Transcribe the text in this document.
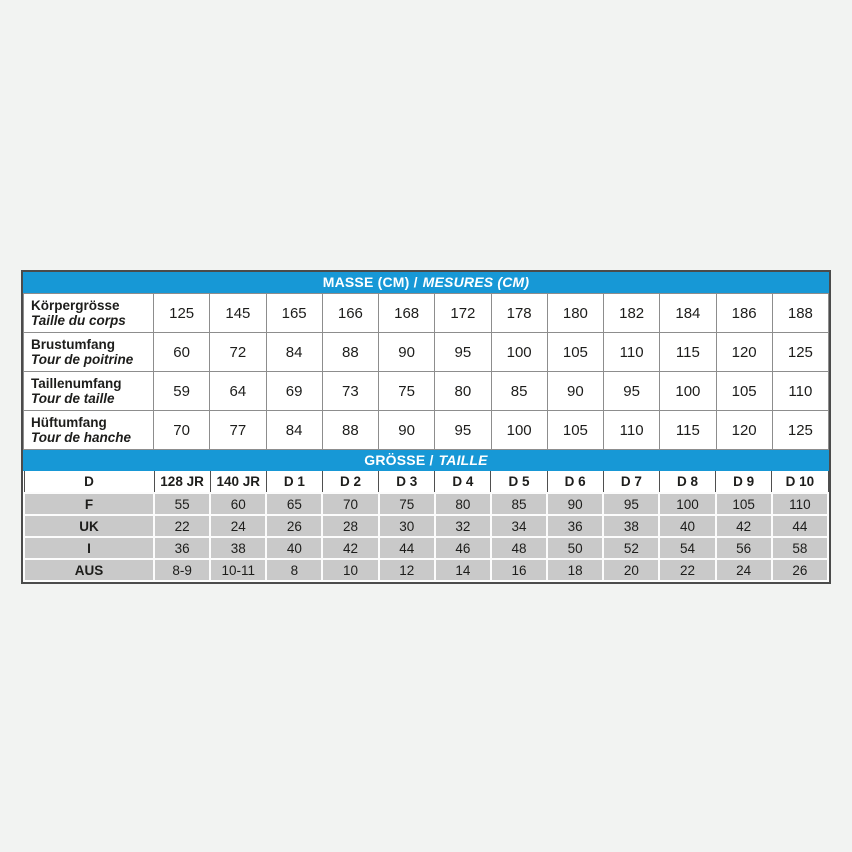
MASSE (CM) / MESURES (CM)
Körpergrösse
Taille du corps	125	145	165	166	168	172	178	180	182	184	186	188

Brustumfang
Tour de poitrine	60	72	84	88	90	95	100	105	110	115	120	125

Taillenumfang
Tour de taille	59	64	69	73	75	80	85	90	95	100	105	110

Hüftumfang
Tour de hanche	70	77	84	88	90	95	100	105	110	115	120	125
GRÖSSE / TAILLE
D	128 JR	140 JR	D 1	D 2	D 3	D 4	D 5	D 6	D 7	D 8	D 9	D 10
F	55	60	65	70	75	80	85	90	95	100	105	110
UK	22	24	26	28	30	32	34	36	38	40	42	44
I	36	38	40	42	44	46	48	50	52	54	56	58
AUS	8-9	10-11	8	10	12	14	16	18	20	22	24	26
